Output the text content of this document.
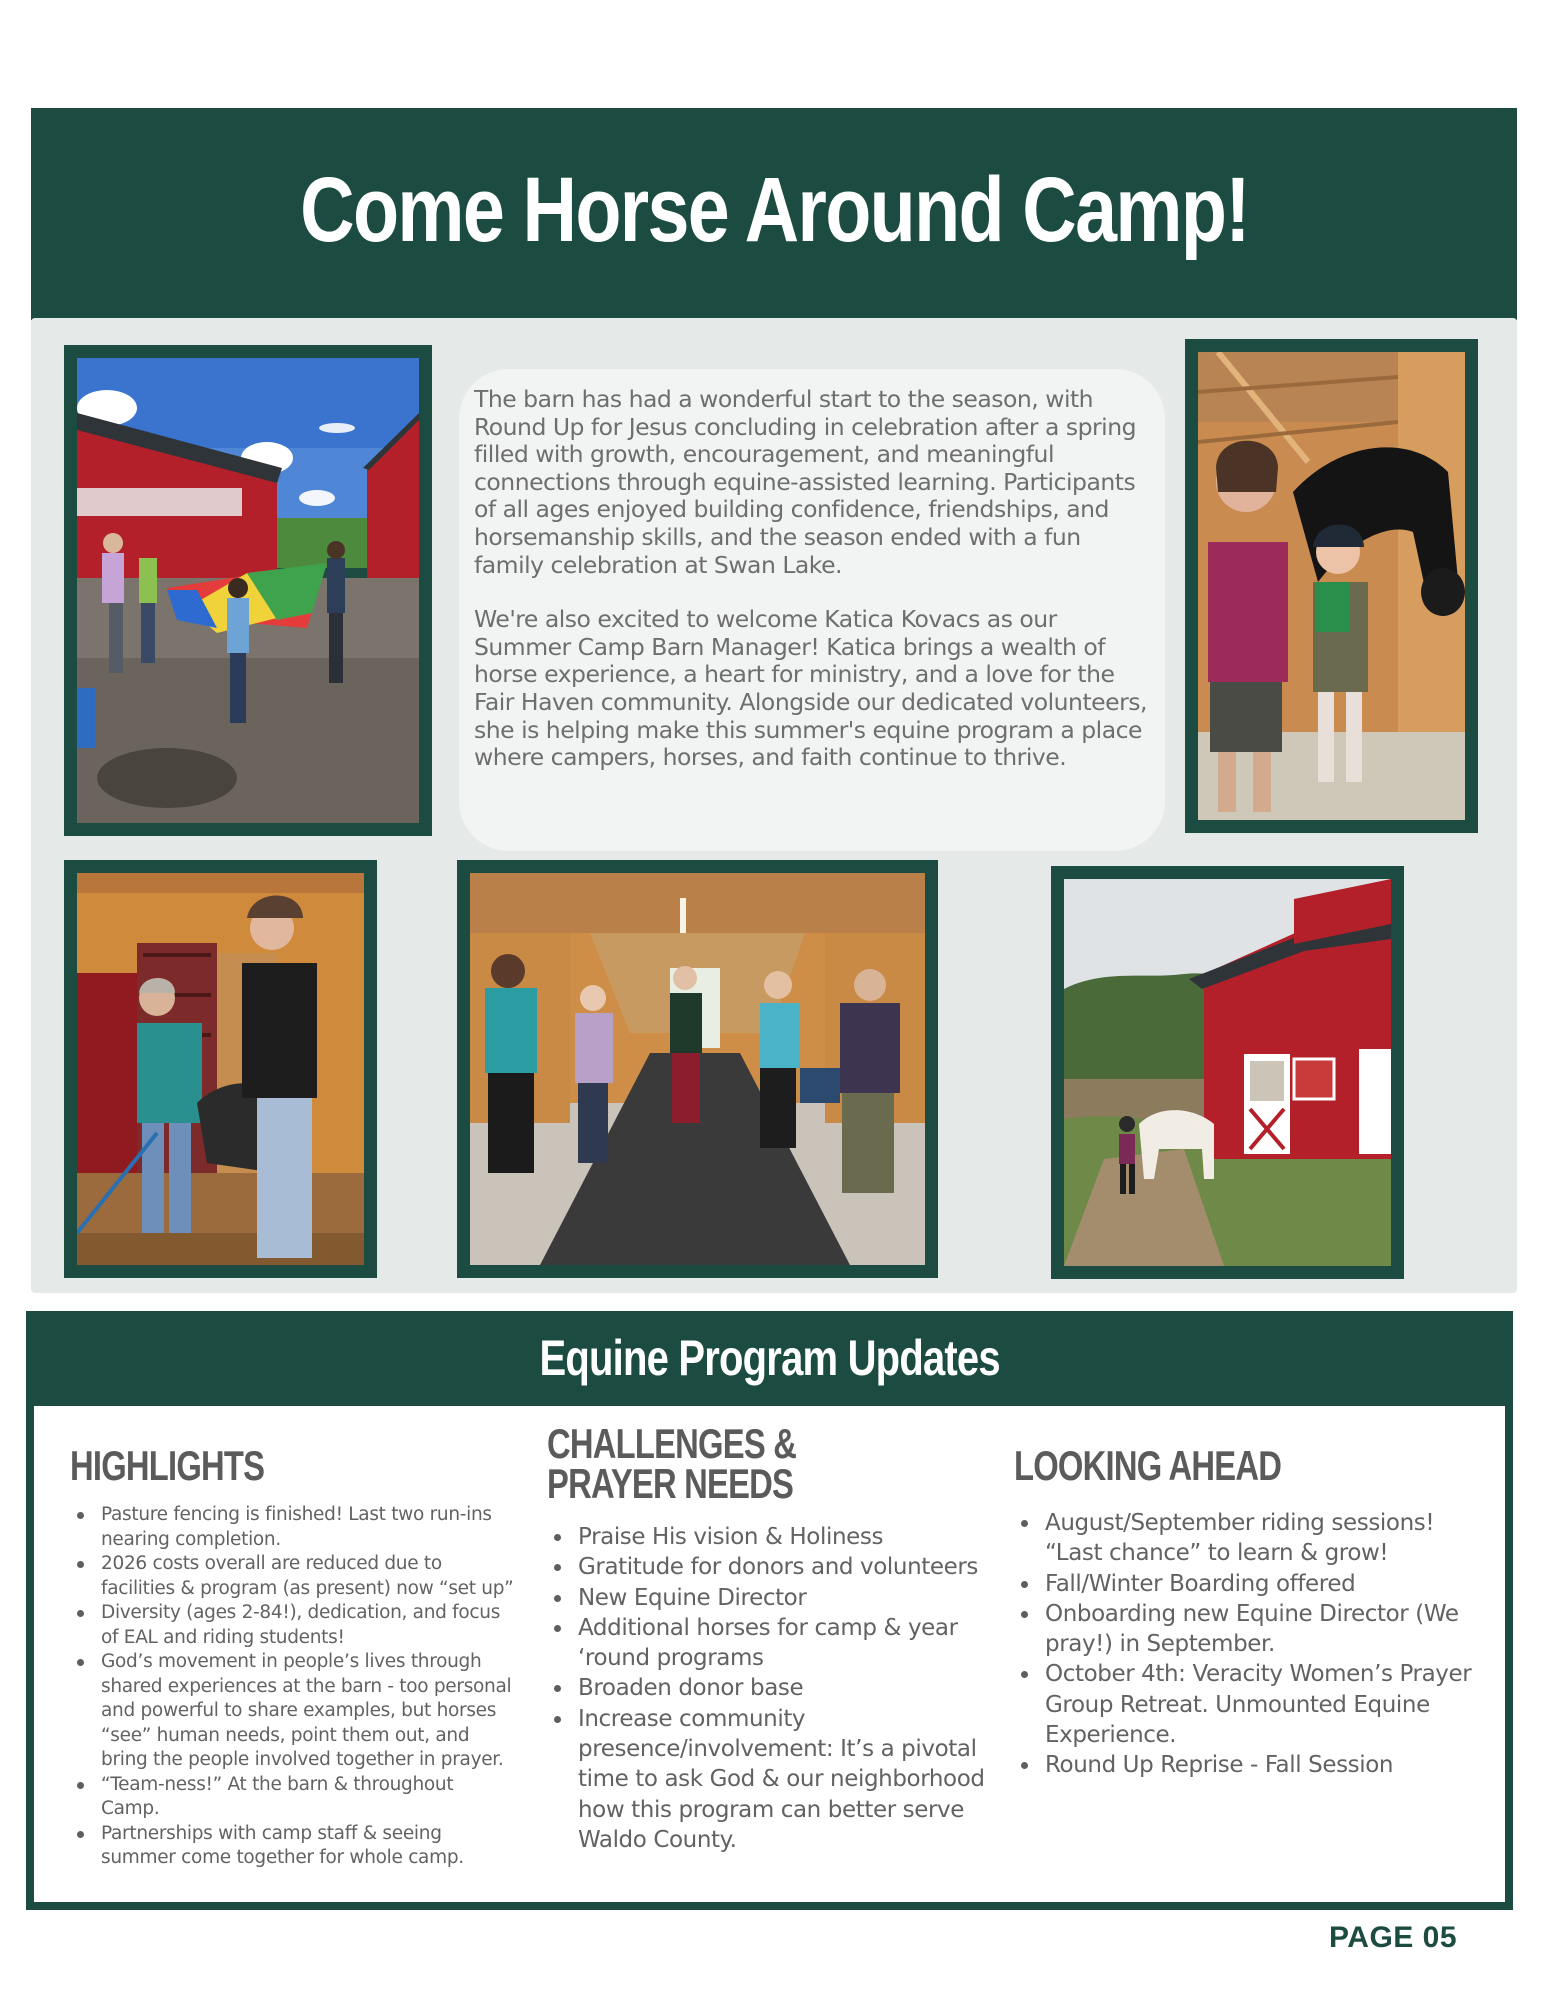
Come Horse Around Camp!

The barn has had a wonderful start to the season, with Round Up for Jesus concluding in celebration after a spring filled with growth, encouragement, and meaningful connections through equine-assisted learning. Participants of all ages enjoyed building confidence, friendships, and horsemanship skills, and the season ended with a fun family celebration at Swan Lake.

We're also excited to welcome Katica Kovacs as our Summer Camp Barn Manager! Katica brings a wealth of horse experience, a heart for ministry, and a love for the Fair Haven community. Alongside our dedicated volunteers, she is helping make this summer's equine program a place where campers, horses, and faith continue to thrive.

Equine Program Updates
HIGHLIGHTS
Pasture fencing is finished! Last two run-ins nearing completion.
2026 costs overall are reduced due to facilities & program (as present) now “set up”
Diversity (ages 2-84!), dedication, and focus of EAL and riding students!
God’s movement in people’s lives through shared experiences at the barn - too personal and powerful to share examples, but horses “see” human needs, point them out, and bring the people involved together in prayer.
“Team-ness!” At the barn & throughout Camp.
Partnerships with camp staff & seeing summer come together for whole camp.
CHALLENGES &
PRAYER NEEDS
Praise His vision & Holiness
Gratitude for donors and volunteers
New Equine Director
Additional horses for camp & year ‘round programs
Broaden donor base
Increase community presence/involvement: It’s a pivotal time to ask God & our neighborhood how this program can better serve Waldo County.
LOOKING AHEAD
August/September riding sessions! “Last chance” to learn & grow!
Fall/Winter Boarding offered
Onboarding new Equine Director (We pray!) in September.
October 4th: Veracity Women’s Prayer Group Retreat. Unmounted Equine Experience.
Round Up Reprise - Fall Session
PAGE 05
